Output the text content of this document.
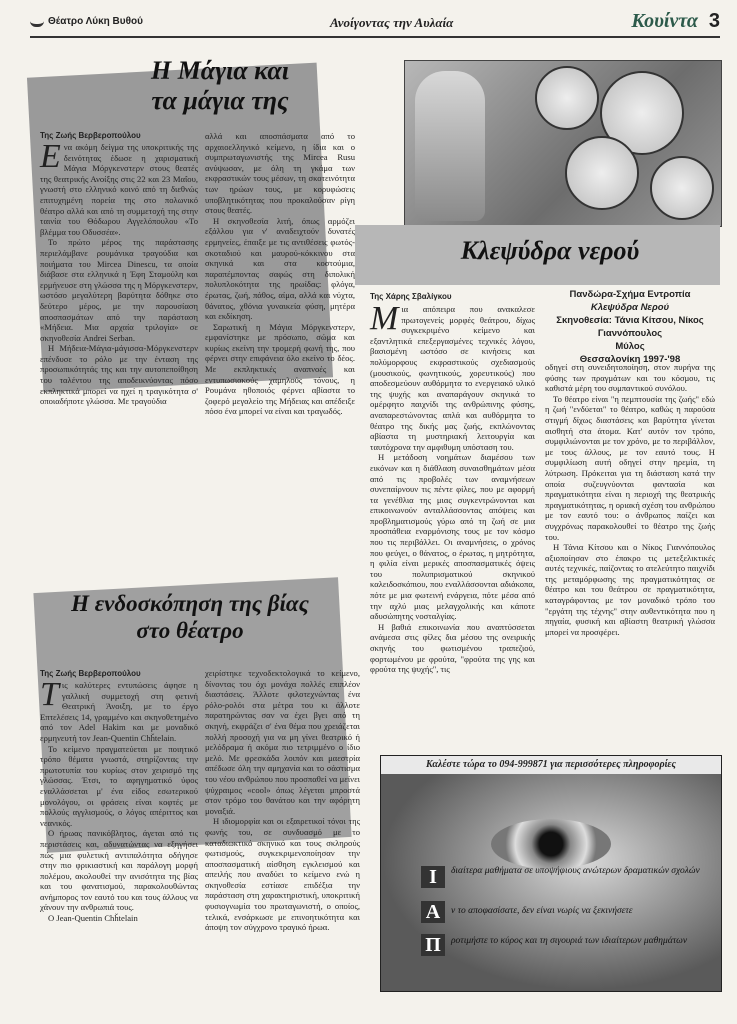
Θέατρο Λύκη Βυθού	Ανοίγοντας την Αυλαία	Κουίντα 3
Η Μάγια και
τα μάγια της
Της Ζωής Βερβεροπούλου

Ενα ακόμη δείγμα της υποκριτικής της δεινότητας έδωσε η χαρισματική Μάγια Μόργκενστερν στους θεατές της θεατρικής Ανοίξης στις 22 και 23 Μαΐου, γνωστή στο ελληνικό κοινό από τη διεθνώς επιτυχημένη πορεία της στο πολωνικό θέατρο αλλά και από τη συμμετοχή της στην ταινία του Θόδωρου Αγγελόπουλου «Το βλέμμα του Οδυσσέα».

Το πρώτο μέρος της παράστασης περιελάμβανε ρουμάνικα τραγούδια και ποιήματα του Mircea Dinescu, τα οποία διάβασε στα ελληνικά η Έφη Σταμούλη και ερμήνευσε στη γλώσσα της η Μόργκενστερν, ωστόσο μεγαλύτερη βαρύτητα δόθηκε στο δεύτερο μέρος, με την παρουσίαση αποσπασμάτων από την παράσταση «Μήδεια. Μια αρχαία τριλογία» σε σκηνοθεσία Andrei Serban.

Η Μήδεια-Μάγια-μάγισσα-Μόργκενστερν επένδυσε το ρόλο με την ένταση της προσωπικότητάς της και την αυτοπεποίθηση του ταλέντου της αποδεικνύοντας πόσο εκπληκτικά μπορεί να ηχεί η τραγικότητα σ' οποιαδήποτε γλώσσα. Με τραγούδια

αλλά και αποσπάσματα από το αρχαιοελληνικό κείμενο, η ίδια και ο συμπρωταγωνιστής της Mircea Rusu ανύψωσαν, με όλη τη γκάμα των εκφραστικών τους μέσων, τη σκοτεινότητα των ηρώων τους, με κορυφώσεις υποβλητικότητας που προκαλούσαν ρίγη στους θεατές.

Η σκηνοθεσία λιτή, όπως αρμόζει εξάλλου για ν' αναδειχτούν δυνατές ερμηνείες, έπαιξε με τις αντιθέσεις φωτός-σκοταδιού και μαυρού-κόκκινου στα σκηνικά και στα κοστούμια, παραπέμποντας σαφώς στη διπολική πολυπλοκότητα της ηρωίδας: φλόγα, έρωτας, ζωή, πάθος, αίμα, αλλά και νύχτα, θάνατος, χθόνια γυναικεία φύση, μητέρα και εκδίκηση.

Σαρωτική η Μάγια Μόργκενστερν, εμφανίστηκε με πρόσωπο, σώμα και κυρίως εκείνη την τρομερή φωνή της, που φέρνει στην επιφάνεια όλο εκείνο το δέος. Με εκπληκτικές αναπνοές και εντυπωσιακούς χαμηλούς τόνους, η Ρουμάνα ηθοποιός φέρνει αβίαστα το ζοφερό μεγαλείο της Μήδειας και απέδειξε πόσο ένα μπορεί να είναι και τραγωδός.

Η ενδοσκόπηση της βίας
στο θέατρο
Της Ζωής Βερβεροπούλου

Τις καλύτερες εντυπώσεις άφησε η γαλλική συμμετοχή στη φετινή Θεατρική Άνοιξη, με το έργο Επτελέσεις 14, γραμμένο και σκηνοθετημένο από τον Adel Hakim και με μοναδικό ερμηνευτή τον Jean-Quentin Chȟtelain.

Το κείμενο πραγματεύεται με ποιητικό τρόπο θέματα γνωστά, στηρίζοντας την πρωτοτυπία του κυρίως στον χειρισμό της γλώσσας. Έτσι, το αφηγηματικό ύφος εναλλάσσεται μ' ένα είδος εσωτερικού μονολόγου, οι φράσεις είναι κοφτές με πολλούς αγγλισμούς, ο λόγος απέριττος και νεανικός.

Ο ήρωας πανικόβλητος, άγεται από τις περιστάσεις και, αδυνατώντας να εξηγήσει πώς μια φυλετική αντιπαλότητα οδήγησε στην πιο φρικιαστική και παράλογη μορφή πολέμου, ακολουθεί την ανισότητα της βίας και του φανατισμού, παρακολουθώντας ανήμπορος τον εαυτό του και τους άλλους να χάνουν την ανθρωπιά τους.

Ο Jean-Quentin Chȟtelain

χειρίστηκε τεχνοδεκτολογικά το κείμενο, δίνοντας του όχι μονάχα πολλές επιπλέον διαστάσεις. Άλλοτε φιλοτεχνώντας ένα ρόλο-ρολόι στα μέτρα του κι άλλοτε παρατηρώντας σαν να έχει βγει από τη σκηνή, εκφράζει σ' ένα θέμα που χρειάζεται πολλή προσοχή για να μη γίνει θεατρικό ή μελόδραμα ή ακόμα πιο τετριμμένο ο ίδιο μελό. Με φρεσκάδα λοιπόν και μαεστρία απέδωσε όλη την αμηχανία και το σάστισμα του νέου ανθρώπου που προσπαθεί να μείνει ψύχραιμος «cool» όπως λέγεται μπροστά στον τρόμο του θανάτου και την αφόρητη μοναξιά.

Η ιδιομορφία και οι εξαιρετικοί τόνοι της φωνής του, σε συνδυασμό με το καταδιωκτικό σκηνικό και τους σκληρούς φωτισμούς, συγκεκριμενοποίησαν την αποσπασματική αίσθηση εγκλεισμού και απειλής που αναδύει το κείμενο ενώ η σκηνοθεσία εστίασε επιδέξια την παράσταση στη χαρακτηριστική, υποκριτική φυσιογνωμία του πρωταγωνιστή, ο οποίος, τελικά, ενσάρκωσε με επινοητικότητα και άποψη τον σύγχρονο τραγικό ήρωα.

Κλεψύδρα νερού
Της Χάρης Σβαλίγκου	Πανδώρα-Σχήμα Εντροπία
Κλεψύδρα Νερού
Σκηνοθεσία: Τάνια Κίτσου, Νίκος Γιαννόπουλος
Μύλος
Θεσσαλονίκη 1997-'98

Μια απόπειρα που ανακαλεσε πρωτογενείς μορφές θεάτρου, δίχως συγκεκριμένο κείμενο και εξαντλητικά επεξεργασμένες τεχνικές λόγου, βασισμένη ωστόσο σε κινήσεις και πολύμορφους εκφραστικούς σχεδιασμούς (μουσικούς, φωνητικούς, χορευτικούς) που αποδεσμεύουν αυθόρμητα το ενεργειακό υλικό της ψυχής και αναπαράγουν σκηνικά το ομέρφητο παιχνίδι της ανθρώπινης φύσης, αναπαρεστώνοντας απλά και αυθόρμητα το θέατρο της δικής μας ζωής, εκπλώνοντας αβίαστα τη μυστηριακή λειτουργία και ταυτόχρονα την αμφιθυμη υπόσταση του.

Η μετάδοση νοημάτων διαμέσου των εικόνων και η διάθλαση συναισθημάτων μέσα από τις προβολές των αναμνήσεων συνεπαίρνουν τις πέντε φίλες, που με αφορμή τα γενέθλια της μιας συγκεντρώνονται και επικοινωνούν ανταλλάσσοντας απόψεις και προβληματισμούς γύρω από τη ζωή σε μια προσπάθεια εναρμόνισης τους με τον κόσμο που τις περιβάλλει. Οι αναμνήσεις, ο χρόνος που φεύγει, ο θάνατος, ο έρωτας, η μητρότητα, η φιλία είναι μερικές αποσπασματικές όψεις του πολυπρισματικού σκηνικού καλειδοσκόπιου, που εναλλάσσονται αδιάκοπα, πότε με μια φωτεινή ενάργεια, πότε μέσα από την αχλύ μιας μελαγχολικής και κάποτε αδυσώπητης νοσταλγίας.

Η βαθιά επικοινωνία που αναπτύσσεται ανάμεσα στις φίλες δια μέσου της ονειρικής σκηνής του φωτισμένου τραπεζιού, φορτωμένου με φρούτα, "φρούτα της γης και φρούτα της ψυχής", τις

οδηγεί στη συνειδητοποίηση, στον πυρήνα της φύσης των πραγμάτων και του κόσμου, τις καθιστά μέρη του συμπαντικού συνόλου.

Το θέατρο είναι "η πεμπτουσία της ζωής" εδώ η ζωή "ενδύεται" το θέατρο, καθώς η παρούσα στιγμή δίχως διαστάσεις και βαρύτητα γίνεται αισθητή στα άτομα. Κατ' αυτόν τον τρόπο, συμφιλιώνονται με τον χρόνο, με το περιβάλλον, με τους άλλους, με τον εαυτό τους. Η συμφιλίωση αυτή οδηγεί στην ηρεμία, τη λύτρωση. Πρόκειται για τη διάσταση κατά την οποία συζευγνύονται φαντασία και πραγματικότητα είναι η περιοχή της θεατρικής πραγματικότητας, η οριακή σχέση του ανθρώπου με τον εαυτό του: ο άνθρωπος παίζει και συγχρόνως παρακολουθεί το θέατρο της ζωής του.

Η Τάνια Κίτσου και ο Νίκος Γιαννόπουλος αξιοποίησαν στο έπακρο τις μετεξελικτικές αυτές τεχνικές, παίζοντας το ατελεύτητο παιχνίδι της μεταμόρφωσης της πραγματικότητας σε θέατρο και του θεάτρου σε πραγματικότητα, καταγράφοντας με τον μοναδικό τρόπο του "εργάτη της τέχνης" στην αυθεντικότητα που η πηγαία, φυσική και αβίαστη θεατρική γλώσσα μπορεί να προσφέρει.

Καλέστε τώρα το 094-999871 για περισσότερες πληροφορίες
Ι	διαίτερα μαθήματα σε υποψήφιους ανώτερων δραματικών σχολών
Α	ν το αποφασίσατε, δεν είναι νωρίς να ξεκινήσετε
Π	ροτιμήστε το κύρος και τη σιγουριά των ιδιαίτερων μαθημάτων
